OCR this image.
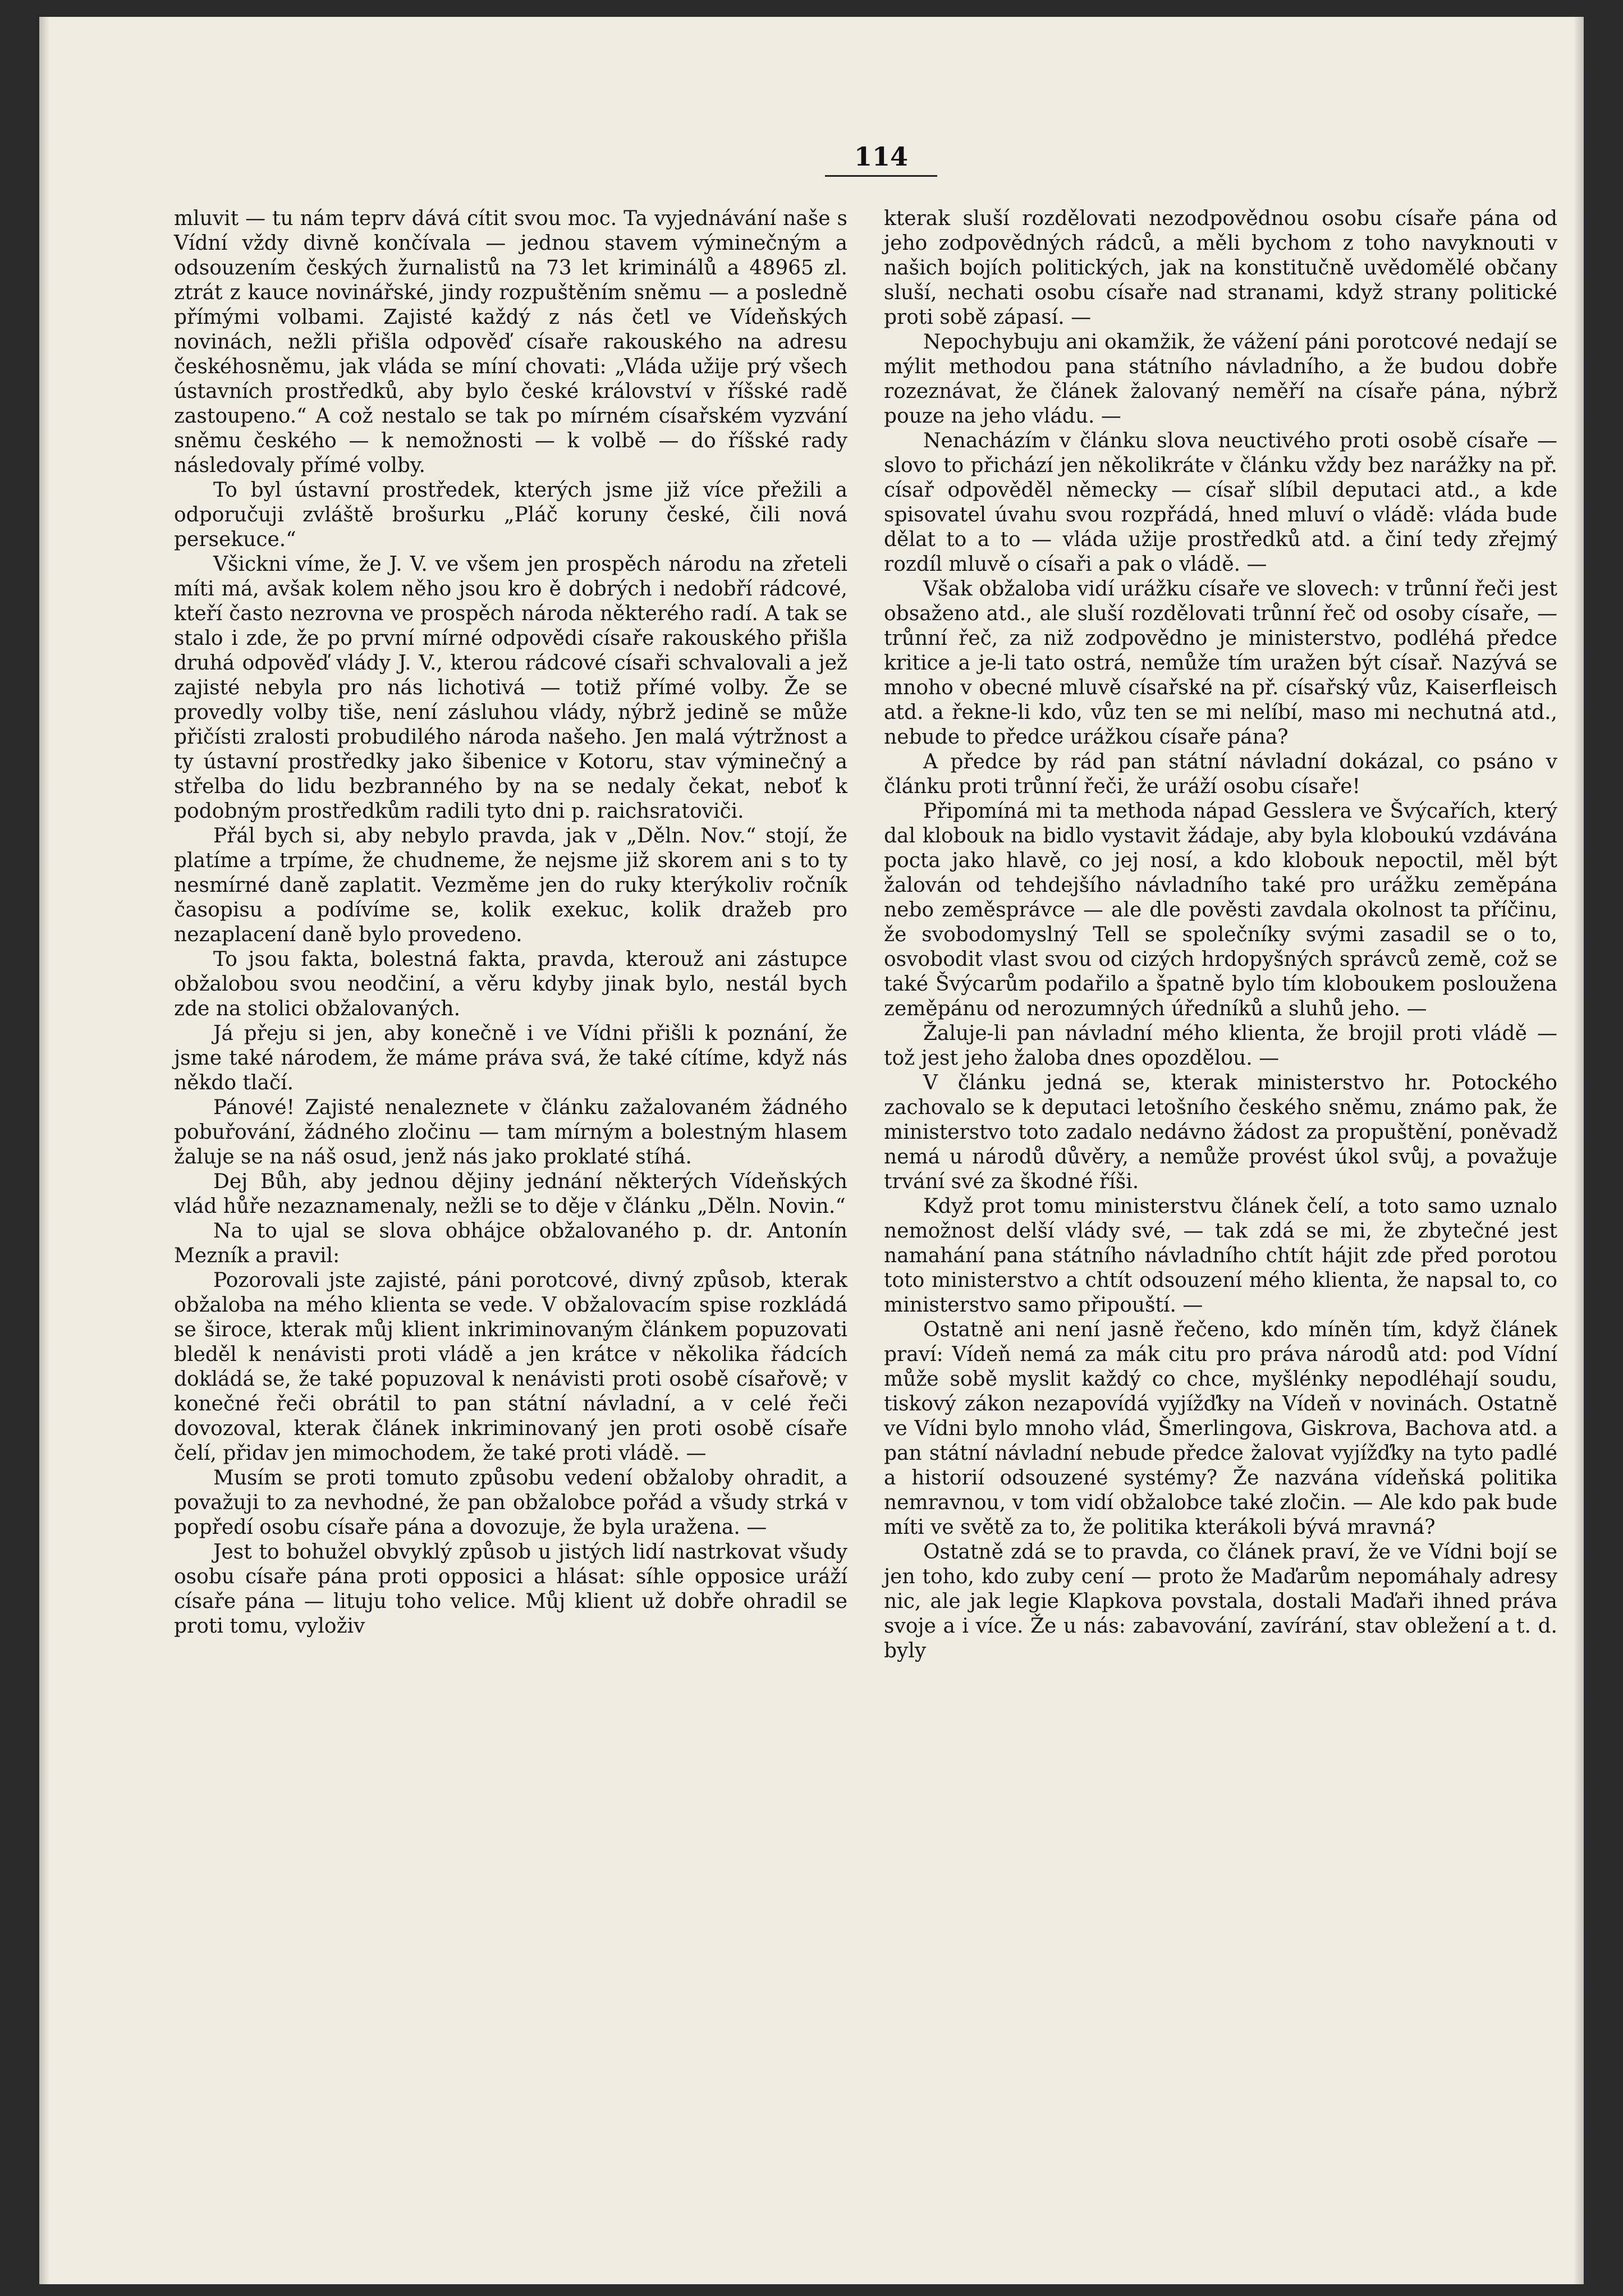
114

mluvit — tu nám teprv dává cítit svou moc. Ta vyjednávání naše s Vídní vždy divně končívala — jednou stavem výminečným a odsouzením českých žurnalistů na 73 let kriminálů a 48965 zl. ztrát z kauce novinářské, jindy rozpuštěním sněmu — a posledně přímými volbami. Zajisté každý z nás četl ve Vídeňských novinách, nežli přišla odpověď císaře rakouského na adresu českéhosněmu, jak vláda se míní chovati: „Vláda užije prý všech ústavních prostředků, aby bylo české království v říšské radě zastoupeno.“ A což nestalo se tak po mírném císařském vyzvání sněmu českého — k nemožnosti — k volbě — do říšské rady následovaly přímé volby.

To byl ústavní prostředek, kterých jsme již více přežili a odporučuji zvláště brošurku „Pláč koruny české, čili nová persekuce.“

Všickni víme, že J. V. ve všem jen prospěch národu na zřeteli míti má, avšak kolem něho jsou kro ě dobrých i nedobří rádcové, kteří často nezrovna ve prospěch národa některého radí. A tak se stalo i zde, že po první mírné odpovědi císaře rakouského přišla druhá odpověď vlády J. V., kterou rádcové císaři schvalovali a jež zajisté nebyla pro nás lichotivá — totiž přímé volby. Že se provedly volby tiše, není zásluhou vlády, nýbrž jedině se může přičísti zralosti probudilého národa našeho. Jen malá výtržnost a ty ústavní prostředky jako šibenice v Kotoru, stav výminečný a střelba do lidu bezbranného by na se nedaly čekat, neboť k podobným prostředkům radili tyto dni p. raichsratoviči.

Přál bych si, aby nebylo pravda, jak v „Děln. Nov.“ stojí, že platíme a trpíme, že chudneme, že nejsme již skorem ani s to ty nesmírné daně zaplatit. Vezměme jen do ruky kterýkoliv ročník časopisu a podívíme se, kolik exekuc, kolik dražeb pro nezaplacení daně bylo provedeno.

To jsou fakta, bolestná fakta, pravda, kterouž ani zástupce obžalobou svou neodčiní, a věru kdyby jinak bylo, nestál bych zde na stolici obžalovaných.

Já přeju si jen, aby konečně i ve Vídni přišli k poznání, že jsme také národem, že máme práva svá, že také cítíme, když nás někdo tlačí.

Pánové! Zajisté nenaleznete v článku zažalovaném žádného pobuřování, žádného zločinu — tam mírným a bolestným hlasem žaluje se na náš osud, jenž nás jako proklaté stíhá.

Dej Bůh, aby jednou dějiny jednání některých Vídeňských vlád hůře nezaznamenaly, nežli se to děje v článku „Děln. Novin.“

Na to ujal se slova obhájce obžalovaného p. dr. Antonín Mezník a pravil:

Pozorovali jste zajisté, páni porotcové, divný způsob, kterak obžaloba na mého klienta se vede. V obžalovacím spise rozkládá se široce, kterak můj klient inkriminovaným článkem popuzovati bleděl k nenávisti proti vládě a jen krátce v několika řádcích dokládá se, že také popuzoval k nenávisti proti osobě císařově; v konečné řeči obrátil to pan státní návladní, a v celé řeči dovozoval, kterak článek inkriminovaný jen proti osobě císaře čelí, přidav jen mimochodem, že také proti vládě. —

Musím se proti tomuto způsobu vedení obžaloby ohradit, a považuji to za nevhodné, že pan obžalobce pořád a všudy strká v popředí osobu císaře pána a dovozuje, že byla uražena. —

Jest to bohužel obvyklý způsob u jistých lidí nastrkovat všudy osobu císaře pána proti opposici a hlásat: síhle opposice uráží císaře pána — lituju toho velice. Můj klient už dobře ohradil se proti tomu, vyloživ

kterak sluší rozdělovati nezodpovědnou osobu císaře pána od jeho zodpovědných rádců, a měli bychom z toho navyknouti v našich bojích politických, jak na konstitučně uvědomělé občany sluší, nechati osobu císaře nad stranami, když strany politické proti sobě zápasí. —

Nepochybuju ani okamžik, že vážení páni porotcové nedají se mýlit methodou pana státního návladního, a že budou dobře rozeznávat, že článek žalovaný neměří na císaře pána, nýbrž pouze na jeho vládu. —

Nenacházím v článku slova neuctivého proti osobě císaře — slovo to přichází jen několikráte v článku vždy bez narážky na př. císař odpověděl německy — císař slíbil deputaci atd., a kde spisovatel úvahu svou rozpřádá, hned mluví o vládě: vláda bude dělat to a to — vláda užije prostředků atd. a činí tedy zřejmý rozdíl mluvě o císaři a pak o vládě. —

Však obžaloba vidí urážku císaře ve slovech: v trůnní řeči jest obsaženo atd., ale sluší rozdělovati trůnní řeč od osoby císaře, — trůnní řeč, za niž zodpovědno je ministerstvo, podléhá předce kritice a je-li tato ostrá, nemůže tím uražen být císař. Nazývá se mnoho v obecné mluvě císařské na př. císařský vůz, Kaiserfleisch atd. a řekne-li kdo, vůz ten se mi nelíbí, maso mi nechutná atd., nebude to předce urážkou císaře pána?

A předce by rád pan státní návladní dokázal, co psáno v článku proti trůnní řeči, že uráží osobu císaře!

Připomíná mi ta methoda nápad Gesslera ve Švýcařích, který dal klobouk na bidlo vystavit žádaje, aby byla kloboukú vzdávána pocta jako hlavě, co jej nosí, a kdo klobouk nepoctil, měl být žalován od tehdejšího návladního také pro urážku zeměpána nebo zeměsprávce — ale dle pověsti zavdala okolnost ta příčinu, že svobodomyslný Tell se společníky svými zasadil se o to, osvobodit vlast svou od cizých hrdopyšných správců země, což se také Švýcarům podařilo a špatně bylo tím kloboukem posloužena zeměpánu od nerozumných úředníků a sluhů jeho. —

Žaluje-li pan návladní mého klienta, že brojil proti vládě — tož jest jeho žaloba dnes opozdělou. —

V článku jedná se, kterak ministerstvo hr. Potockého zachovalo se k deputaci letošního českého sněmu, známo pak, že ministerstvo toto zadalo nedávno žádost za propuštění, poněvadž nemá u národů důvěry, a nemůže provést úkol svůj, a považuje trvání své za škodné říši.

Když prot tomu ministerstvu článek čelí, a toto samo uznalo nemožnost delší vlády své, — tak zdá se mi, že zbytečné jest namahání pana státního návladního chtít hájit zde před porotou toto ministerstvo a chtít odsouzení mého klienta, že napsal to, co ministerstvo samo připouští. —

Ostatně ani není jasně řečeno, kdo míněn tím, když článek praví: Vídeň nemá za mák citu pro práva národů atd: pod Vídní může sobě myslit každý co chce, myšlénky nepodléhají soudu, tiskový zákon nezapovídá vyjížďky na Vídeň v novinách. Ostatně ve Vídni bylo mnoho vlád, Šmerlingova, Giskrova, Bachova atd. a pan státní návladní nebude předce žalovat vyjížďky na tyto padlé a historií odsouzené systémy? Že nazvána vídeňská politika nemravnou, v tom vidí obžalobce také zločin. — Ale kdo pak bude míti ve světě za to, že politika kterákoli bývá mravná?

Ostatně zdá se to pravda, co článek praví, že ve Vídni bojí se jen toho, kdo zuby cení — proto že Maďarům nepomáhaly adresy nic, ale jak legie Klapkova povstala, dostali Maďaři ihned práva svoje a i více. Že u nás: zabavování, zavírání, stav obležení a t. d. byly
